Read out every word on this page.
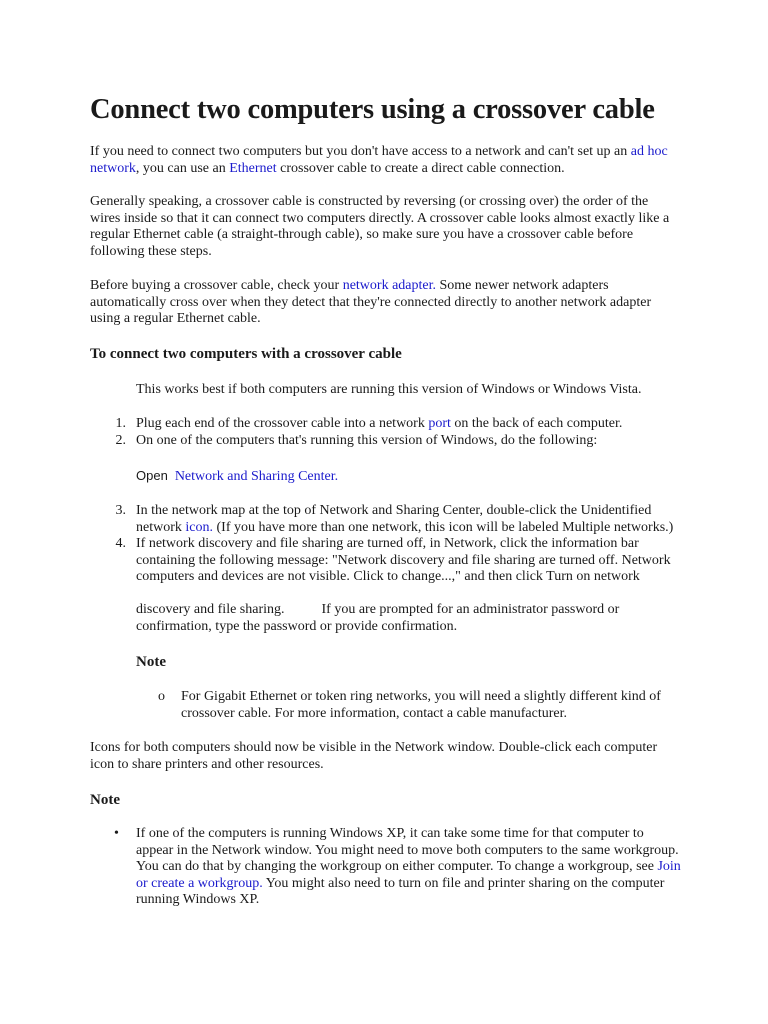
Connect two computers using a crossover cable

If you need to connect two computers but you don't have access to a network and can't set up an ad hoc network, you can use an Ethernet crossover cable to create a direct cable connection.

Generally speaking, a crossover cable is constructed by reversing (or crossing over) the order of the wires inside so that it can connect two computers directly. A crossover cable looks almost exactly like a regular Ethernet cable (a straight-through cable), so make sure you have a crossover cable before following these steps.

Before buying a crossover cable, check your network adapter. Some newer network adapters automatically cross over when they detect that they're connected directly to another network adapter using a regular Ethernet cable.

To connect two computers with a crossover cable

This works best if both computers are running this version of Windows or Windows Vista.

1. Plug each end of the crossover cable into a network port on the back of each computer.

2. On one of the computers that's running this version of Windows, do the following:

Open Network and Sharing Center.
3. In the network map at the top of Network and Sharing Center, double-click the Unidentified network icon. (If you have more than one network, this icon will be labeled Multiple networks.)

4. If network discovery and file sharing are turned off, in Network, click the information bar containing the following message: "Network discovery and file sharing are turned off. Network computers and devices are not visible. Click to change...," and then click Turn on network

discovery and file sharing.	If you are prompted for an administrator password or confirmation, type the password or provide confirmation.

Note
o For Gigabit Ethernet or token ring networks, you will need a slightly different kind of crossover cable. For more information, contact a cable manufacturer.

Icons for both computers should now be visible in the Network window. Double-click each computer icon to share printers and other resources.

Note
• If one of the computers is running Windows XP, it can take some time for that computer to appear in the Network window. You might need to move both computers to the same workgroup. You can do that by changing the workgroup on either computer. To change a workgroup, see Join or create a workgroup. You might also need to turn on file and printer sharing on the computer running Windows XP.
